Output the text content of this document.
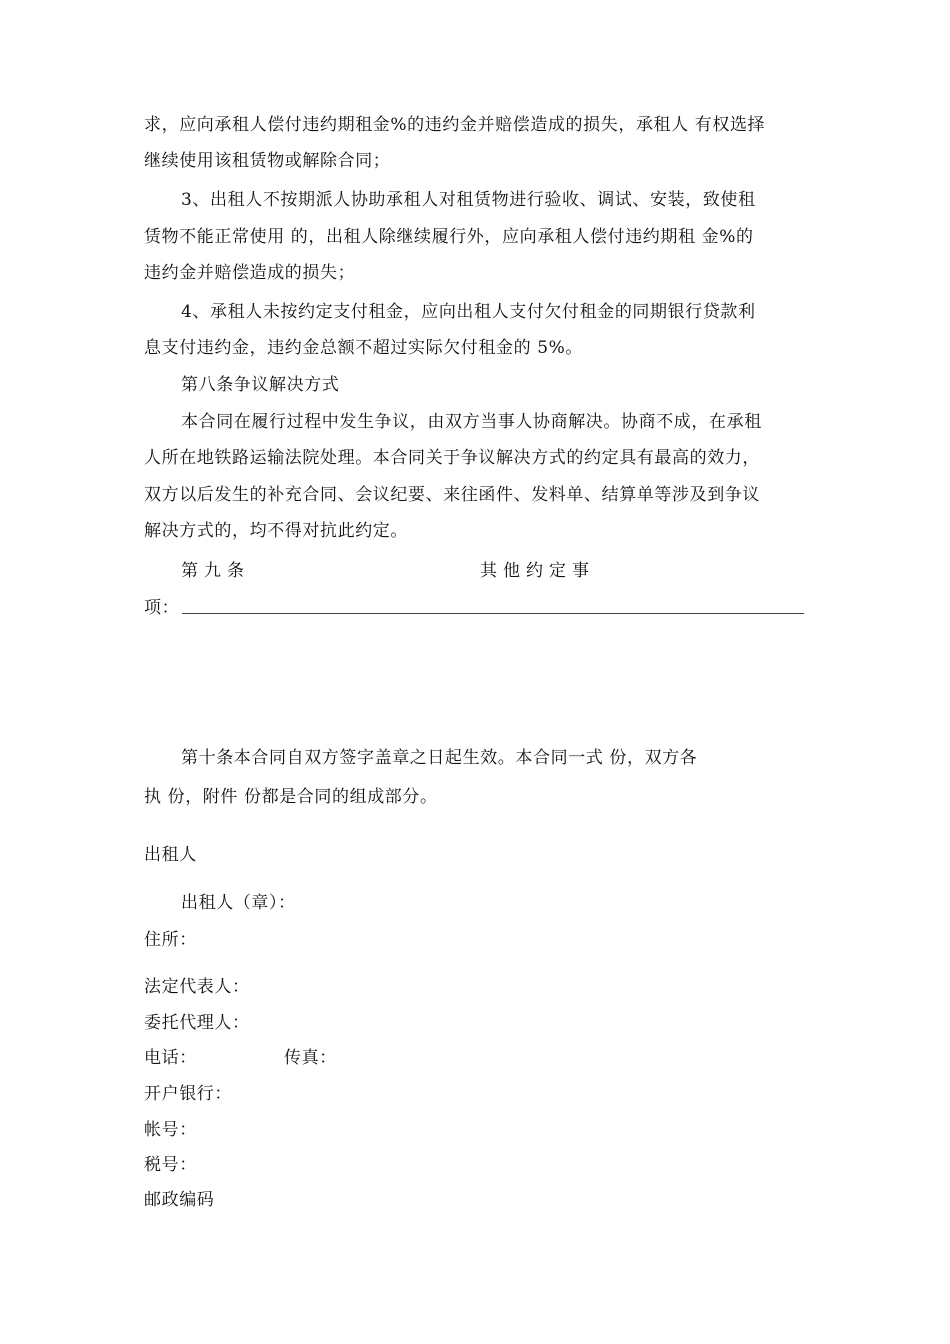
求，应向承租人偿付违约期租金%的违约金并赔偿造成的损失，承租人 有权选择
继续使用该租赁物或解除合同；
3、出租人不按期派人协助承租人对租赁物进行验收、调试、安装，致使租
赁物不能正常使用 的，出租人除继续履行外，应向承租人偿付违约期租 金%的
违约金并赔偿造成的损失；
4、承租人未按约定支付租金，应向出租人支付欠付租金的同期银行贷款利
息支付违约金，违约金总额不超过实际欠付租金的 5%。
第八条争议解决方式
本合同在履行过程中发生争议，由双方当事人协商解决。协商不成，在承租
人所在地铁路运输法院处理。本合同关于争议解决方式的约定具有最高的效力，
双方以后发生的补充合同、会议纪要、来往函件、发料单、结算单等涉及到争议
解决方式的，均不得对抗此约定。
第九条	其他约定事
项：
第十条本合同自双方签字盖章之日起生效。本合同一式 份，双方各
执 份，附件 份都是合同的组成部分。
出租人
出租人（章）：
住所：
法定代表人：
委托代理人：
电话：	传真：
开户银行：
帐号：
税号：
邮政编码
